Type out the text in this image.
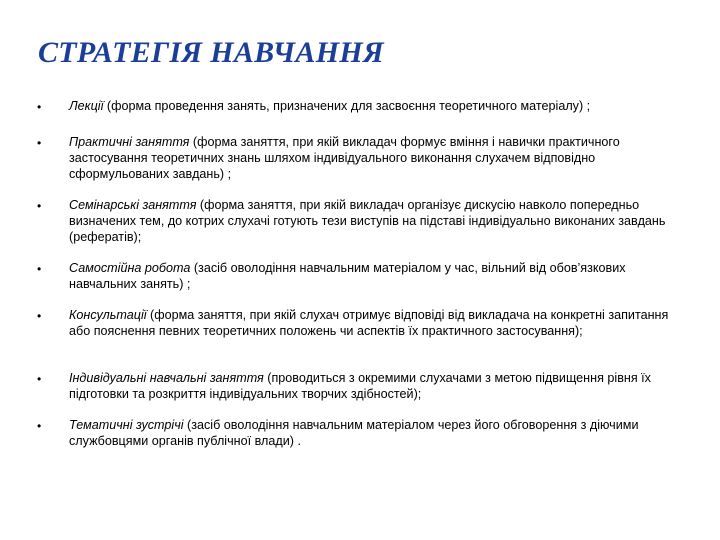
СТРАТЕГІЯ НАВЧАННЯ
• Лекції (форма проведення занять, призначених для засвоєння теоретичного матеріалу) ;
• Практичні заняття (форма заняття, при якій викладач формує вміння і навички практичного застосування теоретичних знань шляхом індивідуального виконання слухачем відповідно сформульованих завдань) ;
• Семінарські заняття (форма заняття, при якій викладач організує дискусію навколо попередньо визначених тем, до котрих слухачі готують тези виступів на підставі індивідуально виконаних завдань (рефератів);
• Самостійна робота (засіб оволодіння навчальним матеріалом у час, вільний від обов’язкових навчальних занять) ;
• Консультації (форма заняття, при якій слухач отримує відповіді від викладача на конкретні запитання або пояснення певних теоретичних положень чи аспектів їх практичного застосування);
• Індивідуальні навчальні заняття (проводиться з окремими слухачами з метою підвищення рівня їх підготовки та розкриття індивідуальних творчих здібностей);
• Тематичні зустрічі (засіб оволодіння навчальним матеріалом через його обговорення з діючими службовцями органів публічної влади) .
